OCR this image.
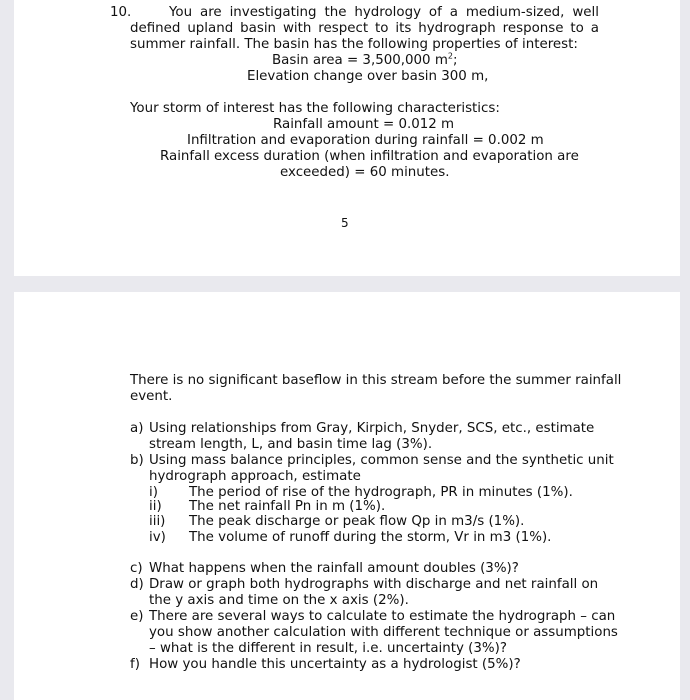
10.	You are investigating the hydrology of a medium-sized, well
defined upland basin with respect to its hydrograph response to a
summer rainfall. The basin has the following properties of interest:
Basin area = 3,500,000 $m^2$;
Elevation change over basin 300 m,
Your storm of interest has the following characteristics:
Rainfall amount = 0.012 m
Infiltration and evaporation during rainfall = 0.002 m
Rainfall excess duration (when infiltration and evaporation are
exceeded) = 60 minutes.
5
There is no significant baseflow in this stream before the summer rainfall
event.
a) Using relationships from Gray, Kirpich, Snyder, SCS, etc., estimate
stream length, L, and basin time lag (3%).
b) Using mass balance principles, common sense and the synthetic unit
hydrograph approach, estimate
i) The period of rise of the hydrograph, PR in minutes (1%).
ii) The net rainfall Pn in m (1%).
iii) The peak discharge or peak flow Qp in m3/s (1%).
iv) The volume of runoff during the storm, Vr in m3 (1%).
c) What happens when the rainfall amount doubles (3%)?
d) Draw or graph both hydrographs with discharge and net rainfall on
the y axis and time on the x axis (2%).
e) There are several ways to calculate to estimate the hydrograph – can
you show another calculation with different technique or assumptions
– what is the different in result, i.e. uncertainty (3%)?
f) How you handle this uncertainty as a hydrologist (5%)?
